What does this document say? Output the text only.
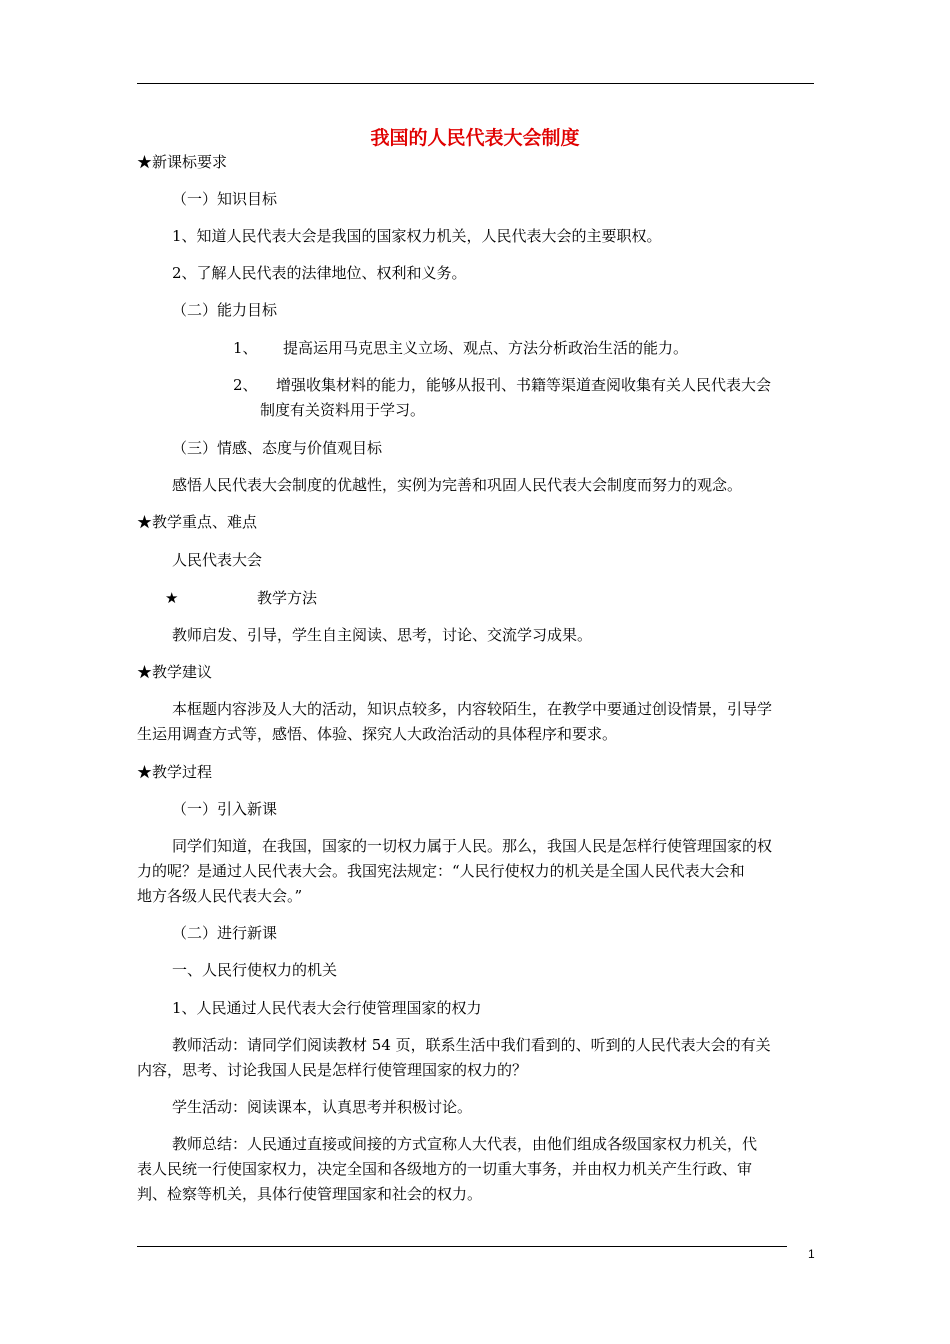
我国的人民代表大会制度
★新课标要求
（一）知识目标
1、知道人民代表大会是我国的国家权力机关，人民代表大会的主要职权。
2、了解人民代表的法律地位、权利和义务。
（二）能力目标
1、 提高运用马克思主义立场、观点、方法分析政治生活的能力。
2、 增强收集材料的能力，能够从报刊、书籍等渠道查阅收集有关人民代表大会
制度有关资料用于学习。
（三）情感、态度与价值观目标
感悟人民代表大会制度的优越性，实例为完善和巩固人民代表大会制度而努力的观念。
★教学重点、难点
人民代表大会
★	教学方法
教师启发、引导，学生自主阅读、思考，讨论、交流学习成果。
★教学建议
本框题内容涉及人大的活动，知识点较多，内容较陌生，在教学中要通过创设情景，引导学
生运用调查方式等，感悟、体验、探究人大政治活动的具体程序和要求。
★教学过程
（一）引入新课
同学们知道，在我国，国家的一切权力属于人民。那么，我国人民是怎样行使管理国家的权
力的呢？是通过人民代表大会。我国宪法规定：“人民行使权力的机关是全国人民代表大会和
地方各级人民代表大会。”
（二）进行新课
一、人民行使权力的机关
1、人民通过人民代表大会行使管理国家的权力
教师活动：请同学们阅读教材 54 页，联系生活中我们看到的、听到的人民代表大会的有关
内容，思考、讨论我国人民是怎样行使管理国家的权力的？
学生活动：阅读课本，认真思考并积极讨论。
教师总结：人民通过直接或间接的方式宣称人大代表，由他们组成各级国家权力机关，代
表人民统一行使国家权力，决定全国和各级地方的一切重大事务，并由权力机关产生行政、审
判、检察等机关，具体行使管理国家和社会的权力。
1
